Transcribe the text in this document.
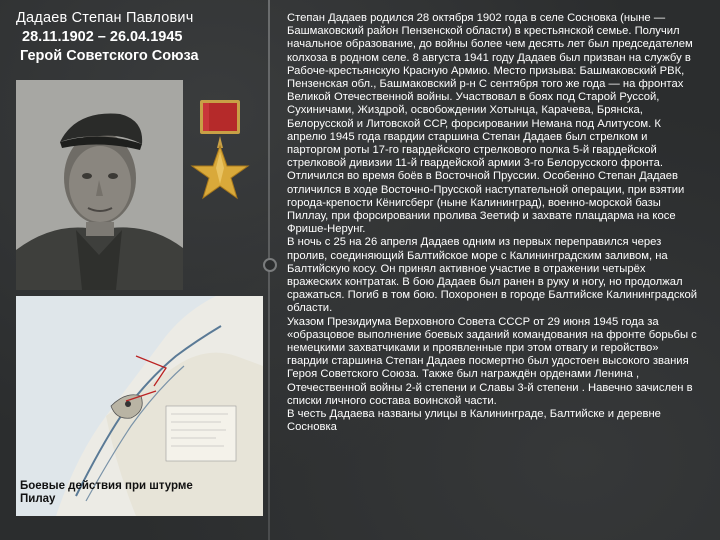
Дадаев Степан Павлович
28.11.1902 – 26.04.1945
Герой Советского Союза
Боевые действия при штурме Пилау
Степан Дадаев родился 28 октября 1902 года в селе Сосновка (ныне — Башмаковский район Пензенской области) в крестьянской семье. Получил начальное образование, до войны более чем десять лет был председателем колхоза в родном селе. 8 августа 1941 году Дадаев был призван на службу в Рабоче-крестьянскую Красную Армию. Место призыва: Башмаковский РВК, Пензенская обл., Башмаковский р-н С сентября того же года — на фронтах Великой Отечественной войны. Участвовал в боях под Старой Руссой, Сухиничами, Жиздрой, освобождении Хотынца, Карачева, Брянска, Белорусской и Литовской ССР, форсировании Немана под Алитусом. К апрелю 1945 года гвардии старшина Степан Дадаев был стрелком и парторгом роты 17-го гвардейского стрелкового полка 5-й гвардейской стрелковой дивизии 11-й гвардейской армии 3-го Белорусского фронта. Отличился во время боёв в Восточной Пруссии. Особенно Степан Дадаев отличился в ходе Восточно-Прусской наступательной операции, при взятии города-крепости Кёнигсберг (ныне Калининград), военно-морской базы Пиллау, при форсировании пролива Зеетиф и захвате плацдарма на косе Фрише-Нерунг.
В ночь с 25 на 26 апреля Дадаев одним из первых переправился через пролив, соединяющий Балтийское море с Калининградским заливом, на Балтийскую косу. Он принял активное участие в отражении четырёх вражеских контратак. В бою Дадаев был ранен в руку и ногу, но продолжал сражаться. Погиб в том бою. Похоронен в городе Балтийске Калининградской области.
Указом Президиума Верховного Совета СССР от 29 июня 1945 года за «образцовое выполнение боевых заданий командования на фронте борьбы с немецкими захватчиками и проявленные при этом отвагу и геройство» гвардии старшина Степан Дадаев посмертно был удостоен высокого звания Героя Советского Союза. Также был награждён орденами Ленина , Отечественной войны 2-й степени и Славы 3-й степени . Навечно зачислен в списки личного состава воинской части.
В честь Дадаева названы улицы в Калининграде, Балтийске и деревне Сосновка
